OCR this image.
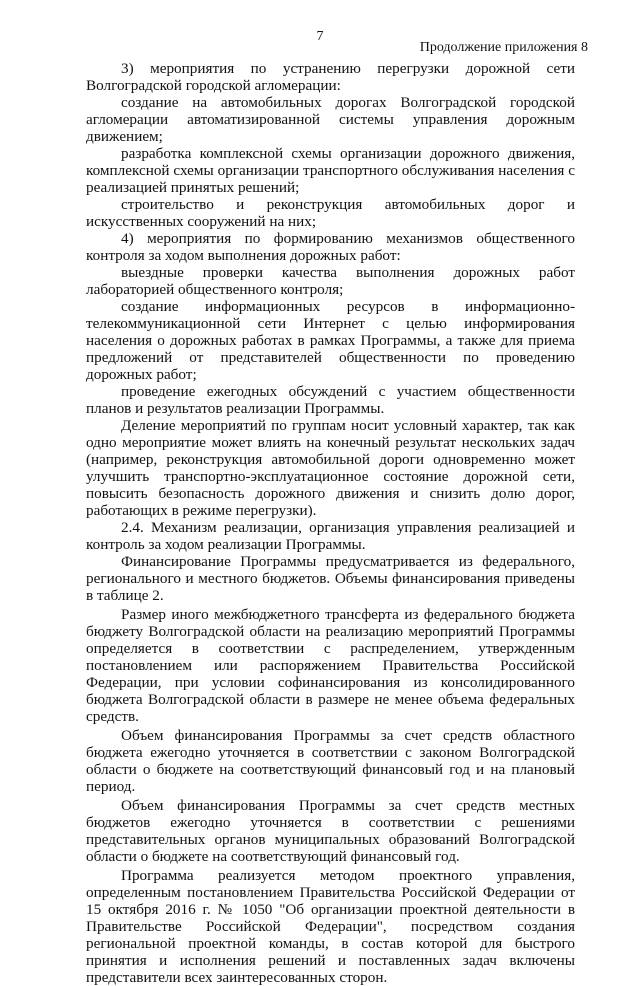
7
Продолжение приложения 8

3) мероприятия по устранению перегрузки дорожной сети Волгоградской городской агломерации:

создание на автомобильных дорогах Волгоградской городской агломерации автоматизированной системы управления дорожным движением;

разработка комплексной схемы организации дорожного движения, комплексной схемы организации транспортного обслуживания населения с реализацией принятых решений;

строительство и реконструкция автомобильных дорог и искусственных сооружений на них;

4) мероприятия по формированию механизмов общественного контроля за ходом выполнения дорожных работ:

выездные проверки качества выполнения дорожных работ лабораторией общественного контроля;

создание информационных ресурсов в информационно-телекоммуникационной сети Интернет с целью информирования населения о дорожных работах в рамках Программы, а также для приема предложений от представителей общественности по проведению дорожных работ;

проведение ежегодных обсуждений с участием общественности планов и результатов реализации Программы.

Деление мероприятий по группам носит условный характер, так как одно мероприятие может влиять на конечный результат нескольких задач (например, реконструкция автомобильной дороги одновременно может улучшить транспортно-эксплуатационное состояние дорожной сети, повысить безопасность дорожного движения и снизить долю дорог, работающих в режиме перегрузки).

2.4. Механизм реализации, организация управления реализацией и контроль за ходом реализации Программы.

Финансирование Программы предусматривается из федерального, регионального и местного бюджетов. Объемы финансирования приведены в таблице 2.

Размер иного межбюджетного трансферта из федерального бюджета бюджету Волгоградской области на реализацию мероприятий Программы определяется в соответствии с распределением, утвержденным постановлением или распоряжением Правительства Российской Федерации, при условии софинансирования из консолидированного бюджета Волгоградской области в размере не менее объема федеральных средств.

Объем финансирования Программы за счет средств областного бюджета ежегодно уточняется в соответствии с законом Волгоградской области о бюджете на соответствующий финансовый год и на плановый период.

Объем финансирования Программы за счет средств местных бюджетов ежегодно уточняется в соответствии с решениями представительных органов муниципальных образований Волгоградской области о бюджете на соответствующий финансовый год.

Программа реализуется методом проектного управления, определенным постановлением Правительства Российской Федерации от 15 октября 2016 г. № 1050 "Об организации проектной деятельности в Правительстве Российской Федерации", посредством создания региональной проектной команды, в состав которой для быстрого принятия и исполнения решений и поставленных задач включены представители всех заинтересованных сторон.
